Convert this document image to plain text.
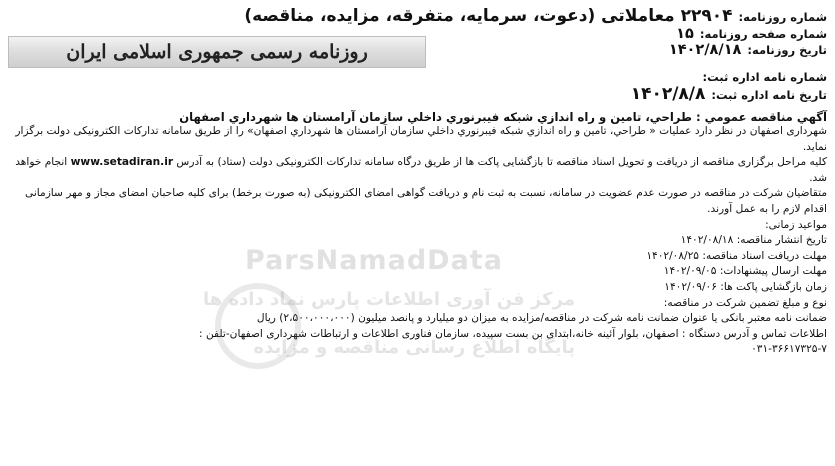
شماره روزنامه:
۲۲۹۰۴ معاملاتی (دعوت، سرمایه، متفرقه، مزایده، مناقصه)
شماره صفحه روزنامه:
۱۵
تاریخ روزنامه:
۱۴۰۲/۸/۱۸
روزنامه رسمی جمهوری اسلامی ایران
شماره نامه اداره ثبت:
تاریخ نامه اداره ثبت:
۱۴۰۲/۸/۸
آگهي مناقصه عمومي : طراحي، تامين و راه اندازي شبكه فيبرنوري داخلي سازمان آرامستان ها شهرداري اصفهان

شهرداری اصفهان در نظر دارد عملیات « طراحي، تامين و راه اندازي شبكه فيبرنوري داخلي سازمان آرامستان ها شهرداري اصفهان» را از طریق سامانه تدارکات الکترونیکی دولت برگزار نماید.

کلیه مراحل برگزاری مناقصه از دریافت و تحویل اسناد مناقصه تا بازگشایی پاکت ها از طریق درگاه سامانه تدارکات الکترونیکی دولت (ستاد) به آدرس www.setadiran.ir انجام خواهد شد.

متقاضیان شرکت در مناقصه در صورت عدم عضویت در سامانه، نسبت به ثبت نام و دریافت گواهی امضای الکترونیکی (به صورت برخط) برای کلیه صاحبان امضای مجاز و مهر سازمانی اقدام لازم را به عمل آورند.

مواعید زمانی:

تاریخ انتشار مناقصه: ۱۴۰۲/۰۸/۱۸

مهلت دریافت اسناد مناقصه: ۱۴۰۲/۰۸/۲۵

مهلت ارسال پیشنهادات: ۱۴۰۲/۰۹/۰۵

زمان بازگشایی پاکت ها: ۱۴۰۲/۰۹/۰۶

نوع و مبلغ تضمین شرکت در مناقصه:

ضمانت نامه معتبر بانکی یا عنوان ضمانت نامه شرکت در مناقصه/مزایده به میزان دو میلیارد و پانصد میلیون (۲،۵۰۰،۰۰۰،۰۰۰) ریال

اطلاعات تماس و آدرس دستگاه : اصفهان، بلوار آئینه خانه،ابتدای بن بست سپیده، سازمان فناوری اطلاعات و ارتباطات شهرداری اصفهان-تلفن :

۰۳۱-۳۶۶۱۷۳۲۵-۷

ParsNamadData
مرکز فن آوری اطلاعات پارس نماد داده ها
پایگاه اطلاع رسانی مناقصه و مزایده
